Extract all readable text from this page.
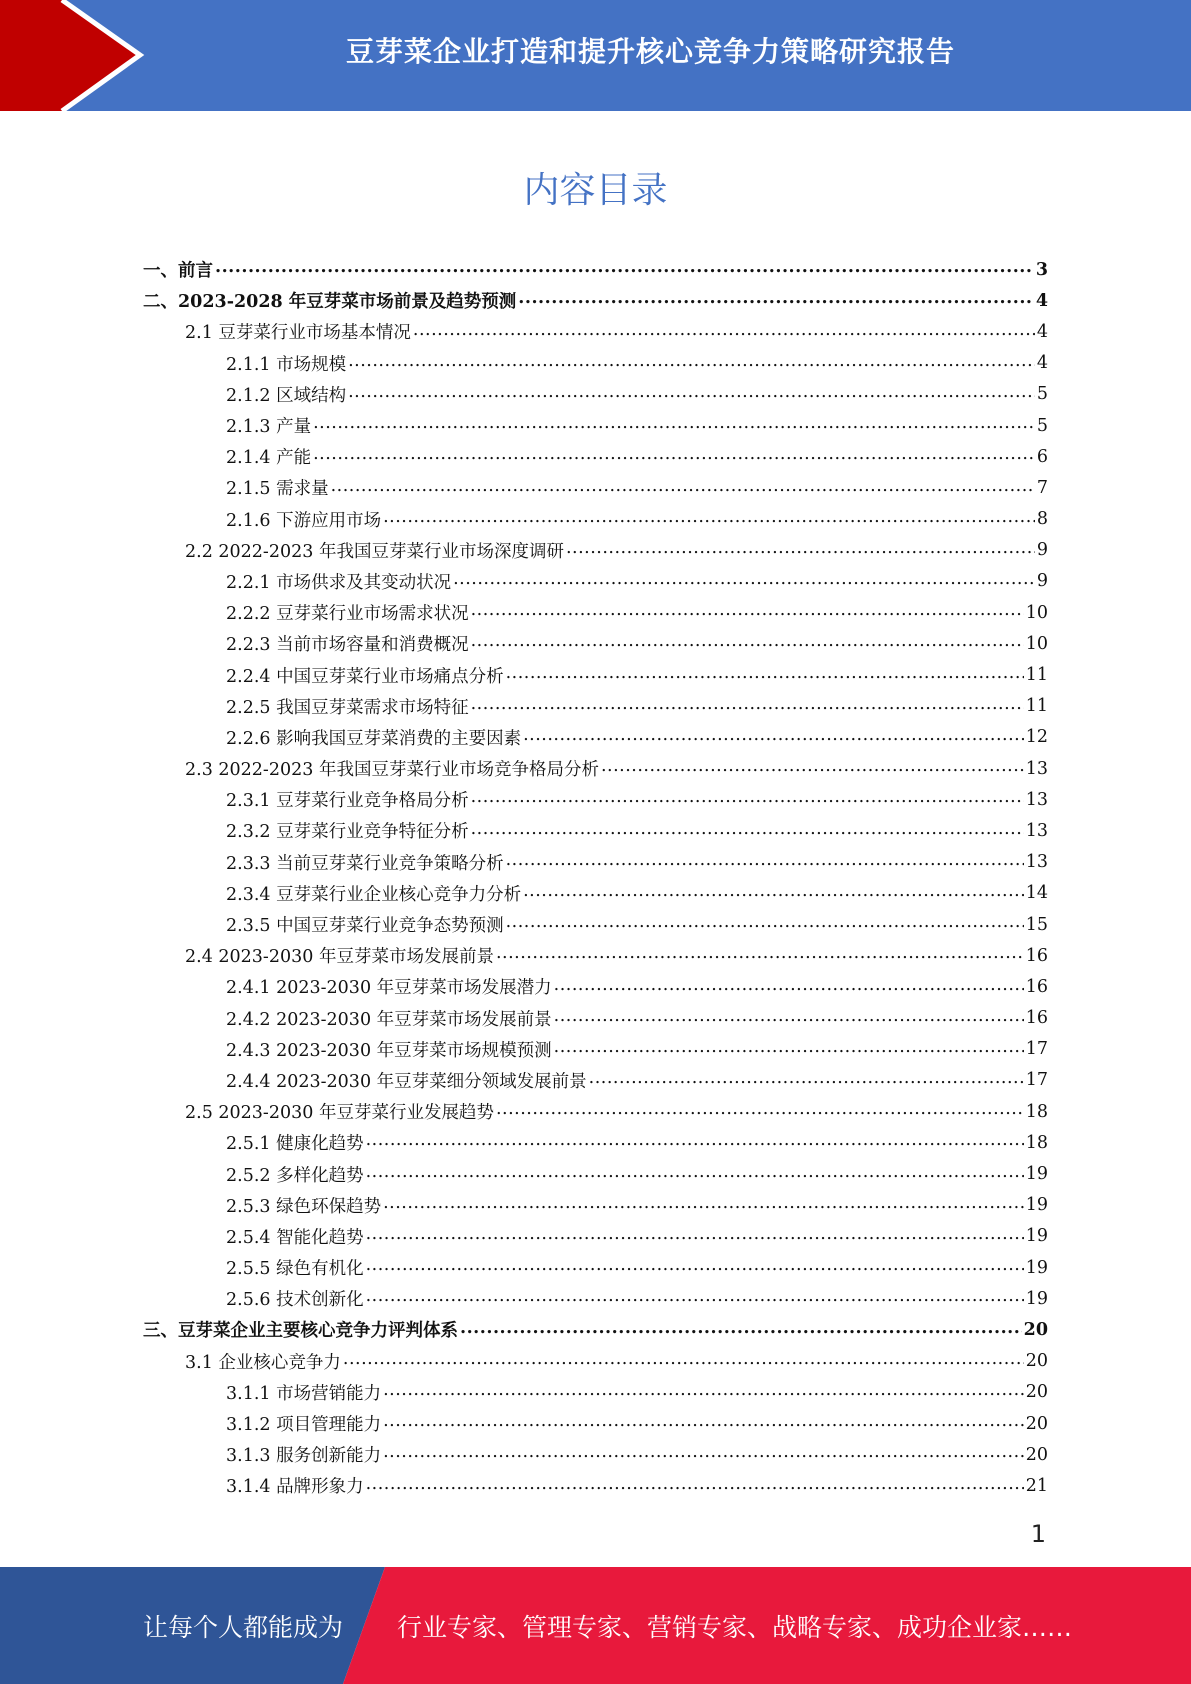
豆芽菜企业打造和提升核心竞争力策略研究报告
内容目录
一、前言 .....	3
二、2023-2028 年豆芽菜市场前景及趋势预测 .....	4
2.1 豆芽菜行业市场基本情况 .....	4
2.1.1 市场规模 .....	4
2.1.2 区域结构 .....	5
2.1.3 产量 .....	5
2.1.4 产能 .....	6
2.1.5 需求量 .....	7
2.1.6 下游应用市场 .....	8
2.2 2022-2023 年我国豆芽菜行业市场深度调研 .....	9
2.2.1 市场供求及其变动状况 .....	9
2.2.2 豆芽菜行业市场需求状况 .....	10
2.2.3 当前市场容量和消费概况 .....	10
2.2.4 中国豆芽菜行业市场痛点分析 .....	11
2.2.5 我国豆芽菜需求市场特征 .....	11
2.2.6 影响我国豆芽菜消费的主要因素 .....	12
2.3 2022-2023 年我国豆芽菜行业市场竞争格局分析 .....	13
2.3.1 豆芽菜行业竞争格局分析 .....	13
2.3.2 豆芽菜行业竞争特征分析 .....	13
2.3.3 当前豆芽菜行业竞争策略分析 .....	13
2.3.4 豆芽菜行业企业核心竞争力分析 .....	14
2.3.5 中国豆芽菜行业竞争态势预测 .....	15
2.4 2023-2030 年豆芽菜市场发展前景 .....	16
2.4.1 2023-2030 年豆芽菜市场发展潜力 .....	16
2.4.2 2023-2030 年豆芽菜市场发展前景 .....	16
2.4.3 2023-2030 年豆芽菜市场规模预测 .....	17
2.4.4 2023-2030 年豆芽菜细分领域发展前景 .....	17
2.5 2023-2030 年豆芽菜行业发展趋势 .....	18
2.5.1 健康化趋势 .....	18
2.5.2 多样化趋势 .....	19
2.5.3 绿色环保趋势 .....	19
2.5.4 智能化趋势 .....	19
2.5.5 绿色有机化 .....	19
2.5.6 技术创新化 .....	19
三、豆芽菜企业主要核心竞争力评判体系 .....	20
3.1 企业核心竞争力 .....	20
3.1.1 市场营销能力 .....	20
3.1.2 项目管理能力 .....	20
3.1.3 服务创新能力 .....	20
3.1.4 品牌形象力 .....	21
1
让每个人都能成为 行业专家、管理专家、营销专家、战略专家、成功企业家……
